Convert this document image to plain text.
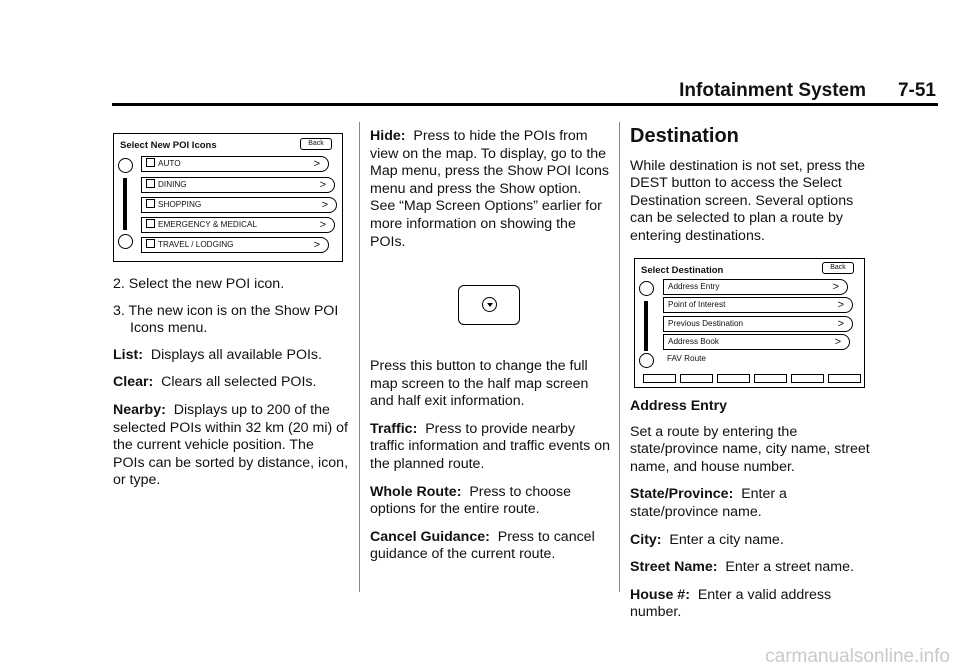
Infotainment System 7-51
Select New POI Icons	Back
AUTO	>
DINING	>
SHOPPING	>
EMERGENCY & MEDICAL	>
TRAVEL / LODGING	>
2. Select the new POI icon.
3. The new icon is on the Show POI Icons menu.

List: Displays all available POIs.

Clear: Clears all selected POIs.

Nearby: Displays up to 200 of the selected POIs within 32 km (20 mi) of the current vehicle position. The POIs can be sorted by distance, icon, or type.

Hide: Press to hide the POIs from view on the map. To display, go to the Map menu, press the Show POI Icons menu and press the Show option. See “Map Screen Options” earlier for more information on showing the POIs.

Press this button to change the full map screen to the half map screen and half exit information.

Traffic: Press to provide nearby traffic information and traffic events on the planned route.

Whole Route: Press to choose options for the entire route.

Cancel Guidance: Press to cancel guidance of the current route.

Destination

While destination is not set, press the DEST button to access the Select Destination screen. Several options can be selected to plan a route by entering destinations.

Select Destination	Back
Address Entry	>
Point of Interest	>
Previous Destination	>
Address Book	>
FAV Route
Address Entry

Set a route by entering the state/province name, city name, street name, and house number.

State/Province: Enter a state/province name.

City: Enter a city name.

Street Name: Enter a street name.

House #: Enter a valid address number.

carmanualsonline.info
